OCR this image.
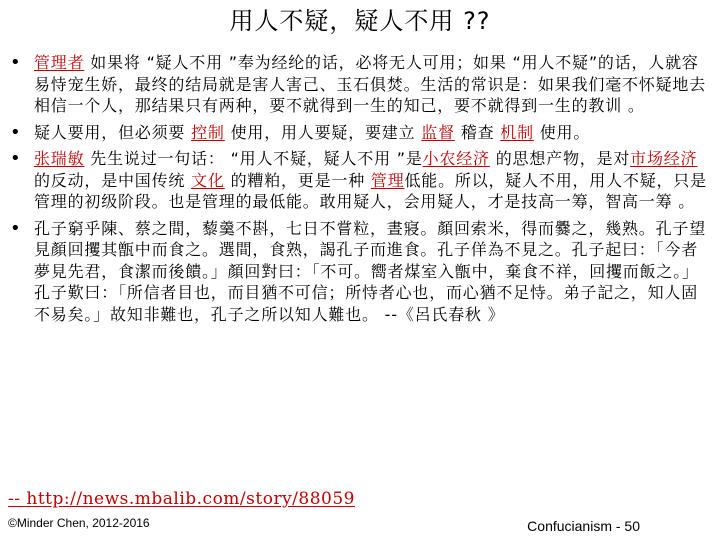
用人不疑，疑人不用 ??
• 管理者 如果将 “疑人不用 ”奉为经纶的话，必将无人可用；如果 “用人不疑”的话，人就容易恃宠生娇，最终的结局就是害人害己、玉石俱焚。生活的常识是：如果我们毫不怀疑地去相信一个人，那结果只有两种，要不就得到一生的知己，要不就得到一生的教训 。
• 疑人要用，但必须要 控制 使用，用人要疑，要建立 监督 稽查 机制 使用。
• 张瑞敏 先生说过一句话： “用人不疑，疑人不用 ”是小农经济 的思想产物，是对市场经济 的反动，是中国传统 文化 的糟粕，更是一种 管理低能。所以，疑人不用，用人不疑，只是管理的初级阶段。也是管理的最低能。敢用疑人，会用疑人，才是技高一筹，智高一筹 。
• 孔子窮乎陳、蔡之間，藜羹不斟，七日不嘗粒，晝寢。顏回索米，得而爨之，幾熟。孔子望見顏回攫其甑中而食之。選間，食熟，謁孔子而進食。孔子佯為不見之。孔子起曰：「今者夢見先君，食潔而後饋。」顏回對曰：「不可。嚮者煤室入甑中，棄食不祥，回攫而飯之。」孔子歎曰：「所信者目也，而目猶不可信；所恃者心也，而心猶不足恃。弟子記之，知人固不易矣。」故知非難也，孔子之所以知人難也。 --《呂氏春秋 》
-- http://news.mbalib.com/story/88059
©Minder Chen, 2012-2016	Confucianism - 50
